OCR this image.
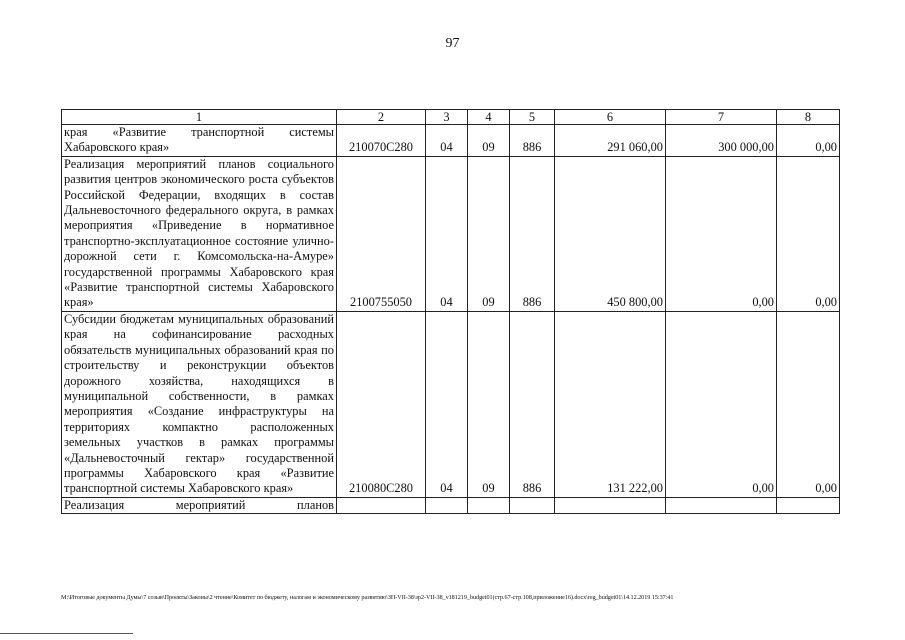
97
1	2	3	4	5	6	7	8
края «Развитие транспортной системы Хабаровского края»	210070С280	04	09	886	291 060,00	300 000,00	0,00
Реализация мероприятий планов социального развития центров экономического роста субъектов Российской Федерации, входящих в состав Дальневосточного федерального округа, в рамках мероприятия «Приведение в нормативное транспортно-эксплуатационное состояние улично-дорожной сети г. Комсомольска-на-Амуре» государственной программы Хабаровского края «Развитие транспортной системы Хабаровского края»	2100755050	04	09	886	450 800,00	0,00	0,00
Субсидии бюджетам муниципальных образований края на софинансирование расходных обязательств муниципальных образований края по строительству и реконструкции объектов дорожного хозяйства, находящихся в муниципальной собственности, в рамках мероприятия «Создание инфраструктуры на территориях компактно расположенных земельных участков в рамках программы «Дальневосточный гектар» государственной программы Хабаровского края «Развитие транспортной системы Хабаровского края»	210080С280	04	09	886	131 222,00	0,00	0,00
Реализация мероприятий планов							
М:\Итоговые документы Думы\7 созыв\Проекты\Законы\2 чтение\Комитет по бюджету, налогам и экономическому развитию\ЗП-VII-38\зр2-VII-38_v181219_budget01(стр.67-стр.108,приложение16).docx\reg_budget01\14.12.2019 15:37:41
